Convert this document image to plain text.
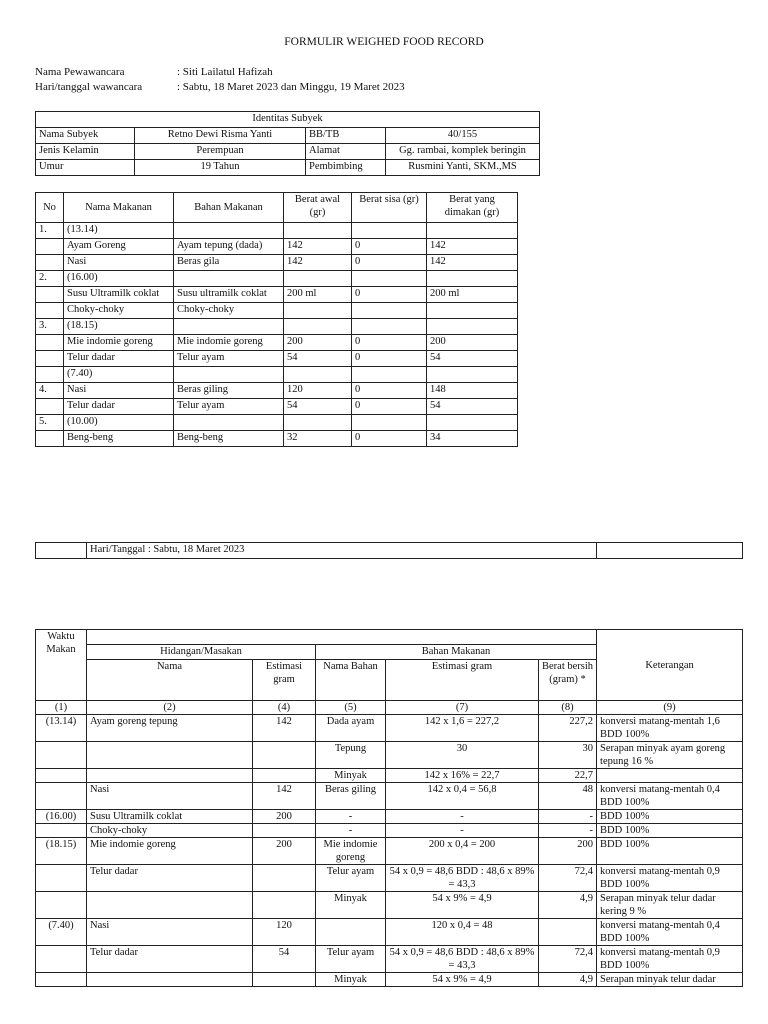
FORMULIR WEIGHED FOOD RECORD
Nama Pewawancara	: Siti Lailatul Hafizah
Hari/tanggal wawancara	: Sabtu, 18 Maret 2023 dan Minggu, 19 Maret 2023
Identitas Subyek			
Nama Subyek	Retno Dewi Risma Yanti	BB/TB	40/155
Jenis Kelamin	Perempuan	Alamat	Gg. rambai, komplek beringin
Umur	19 Tahun	Pembimbing	Rusmini Yanti, SKM.,MS
No	Nama Makanan	Bahan Makanan	Berat awal (gr)	Berat sisa (gr)	Berat yang dimakan (gr)
1.	(13.14)				
	Ayam Goreng	Ayam tepung (dada)	142	0	142
	Nasi	Beras gila	142	0	142
2.	(16.00)				
	Susu Ultramilk coklat	Susu ultramilk coklat	200 ml	0	200 ml
	Choky-choky	Choky-choky			
3.	(18.15)				
	Mie indomie goreng	Mie indomie goreng	200	0	200
	Telur dadar	Telur ayam	54	0	54
	(7.40)				
4.	Nasi	Beras giling	120	0	148
	Telur dadar	Telur ayam	54	0	54
5.	(10.00)				
	Beng-beng	Beng-beng	32	0	34
	Hari/Tanggal : Sabtu, 18 Maret 2023	
Waktu Makan						Keterangan
	Hidangan/Masakan		Bahan Makanan			
	Nama	Estimasi gram	Nama Bahan	Estimasi gram	Berat bersih (gram) *	
(1)	(2)	(4)	(5)	(7)	(8)	(9)
(13.14)	Ayam goreng tepung	142	Dada ayam	142 x 1,6 = 227,2	227,2	konversi matang-mentah 1,6 BDD 100%
			Tepung	30	30	Serapan minyak ayam goreng tepung 16 %
			Minyak	142 x 16% = 22,7	22,7	
	Nasi	142	Beras giling	142 x 0,4 = 56,8	48	konversi matang-mentah 0,4 BDD 100%
(16.00)	Susu Ultramilk coklat	200	-	-	-	BDD 100%
	Choky-choky		-	-	-	BDD 100%
(18.15)	Mie indomie goreng	200	Mie indomie goreng	200 x 0,4 = 200	200	BDD 100%
	Telur dadar		Telur ayam	54 x 0,9 = 48,6 BDD : 48,6 x 89% = 43,3	72,4	konversi matang-mentah 0,9 BDD 100%
			Minyak	54 x 9% = 4,9	4,9	Serapan minyak telur dadar kering 9 %
(7.40)	Nasi	120		120 x 0,4 = 48		konversi matang-mentah 0,4 BDD 100%
	Telur dadar	54	Telur ayam	54 x 0,9 = 48,6 BDD : 48,6 x 89% = 43,3	72,4	konversi matang-mentah 0,9 BDD 100%
			Minyak	54 x 9% = 4,9	4,9	Serapan minyak telur dadar
